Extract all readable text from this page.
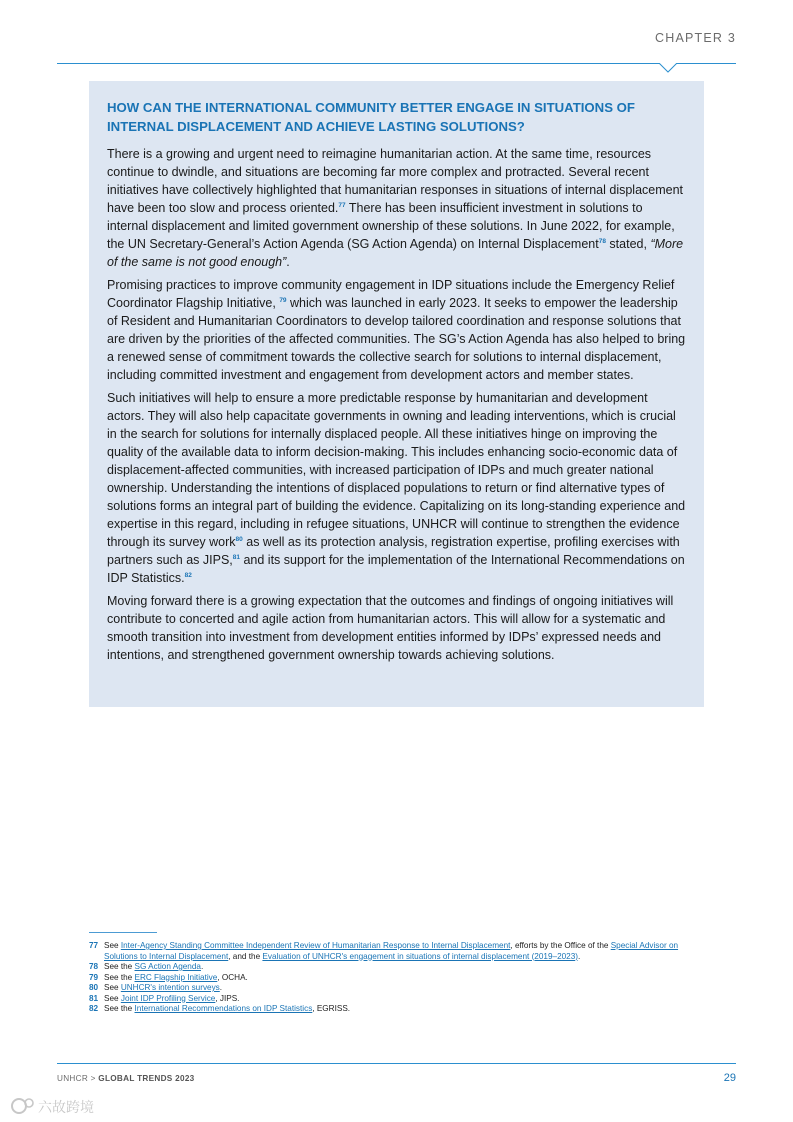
CHAPTER 3
HOW CAN THE INTERNATIONAL COMMUNITY BETTER ENGAGE IN SITUATIONS OF INTERNAL DISPLACEMENT AND ACHIEVE LASTING SOLUTIONS?

There is a growing and urgent need to reimagine humanitarian action. At the same time, resources continue to dwindle, and situations are becoming far more complex and protracted. Several recent initiatives have collectively highlighted that humanitarian responses in situations of internal displacement have been too slow and process oriented.$^{77}$ There has been insufficient investment in solutions to internal displacement and limited government ownership of these solutions. In June 2022, for example, the UN Secretary-General’s Action Agenda (SG Action Agenda) on Internal Displacement$^{78}$ stated, “More of the same is not good enough”.

Promising practices to improve community engagement in IDP situations include the Emergency Relief Coordinator Flagship Initiative, $^{79}$ which was launched in early 2023. It seeks to empower the leadership of Resident and Humanitarian Coordinators to develop tailored coordination and response solutions that are driven by the priorities of the affected communities. The SG’s Action Agenda has also helped to bring a renewed sense of commitment towards the collective search for solutions to internal displacement, including committed investment and engagement from development actors and member states.

Such initiatives will help to ensure a more predictable response by humanitarian and development actors. They will also help capacitate governments in owning and leading interventions, which is crucial in the search for solutions for internally displaced people. All these initiatives hinge on improving the quality of the available data to inform decision-making. This includes enhancing socio-economic data of displacement-affected communities, with increased participation of IDPs and much greater national ownership. Understanding the intentions of displaced populations to return or find alternative types of solutions forms an integral part of building the evidence. Capitalizing on its long-standing experience and expertise in this regard, including in refugee situations, UNHCR will continue to strengthen the evidence through its survey work$^{80}$ as well as its protection analysis, registration expertise, profiling exercises with partners such as JIPS,$^{81}$ and its support for the implementation of the International Recommendations on IDP Statistics.$^{82}$

Moving forward there is a growing expectation that the outcomes and findings of ongoing initiatives will contribute to concerted and agile action from humanitarian actors. This will allow for a systematic and smooth transition into investment from development entities informed by IDPs’ expressed needs and intentions, and strengthened government ownership towards achieving solutions.

77 See Inter-Agency Standing Committee Independent Review of Humanitarian Response to Internal Displacement, efforts by the Office of the Special Advisor on Solutions to Internal Displacement, and the Evaluation of UNHCR's engagement in situations of internal displacement (2019–2023).
78 See the SG Action Agenda.
79 See the ERC Flagship Initiative, OCHA.
80 See UNHCR's intention surveys.
81 See Joint IDP Profiling Service, JIPS.
82 See the International Recommendations on IDP Statistics, EGRISS.
UNHCR > GLOBAL TRENDS 2023	29
六故跨境
